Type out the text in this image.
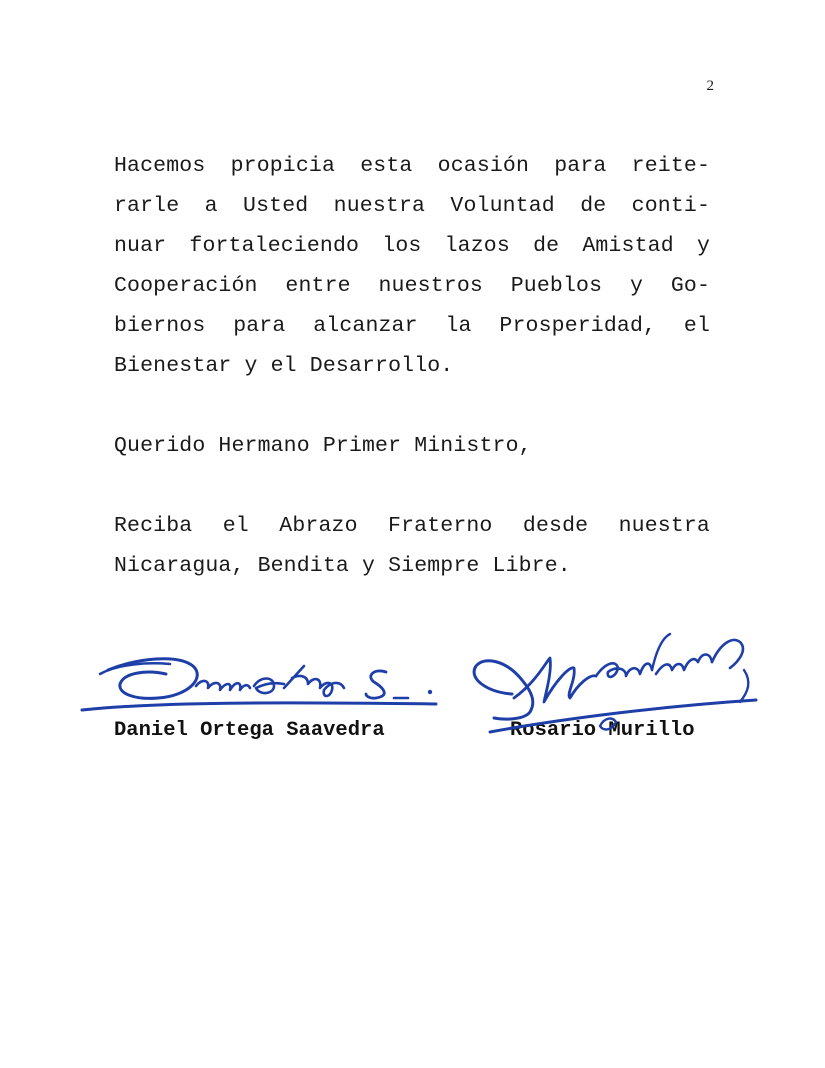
2
Hacemos propicia esta ocasión para reite-
rarle a Usted nuestra Voluntad de conti-
nuar fortaleciendo los lazos de Amistad y
Cooperación entre nuestros Pueblos y Go-
biernos para alcanzar la Prosperidad, el
Bienestar y el Desarrollo.
Querido Hermano Primer Ministro,
Reciba el Abrazo Fraterno desde nuestra
Nicaragua, Bendita y Siempre Libre.
Daniel Ortega Saavedra	Rosario Murillo
